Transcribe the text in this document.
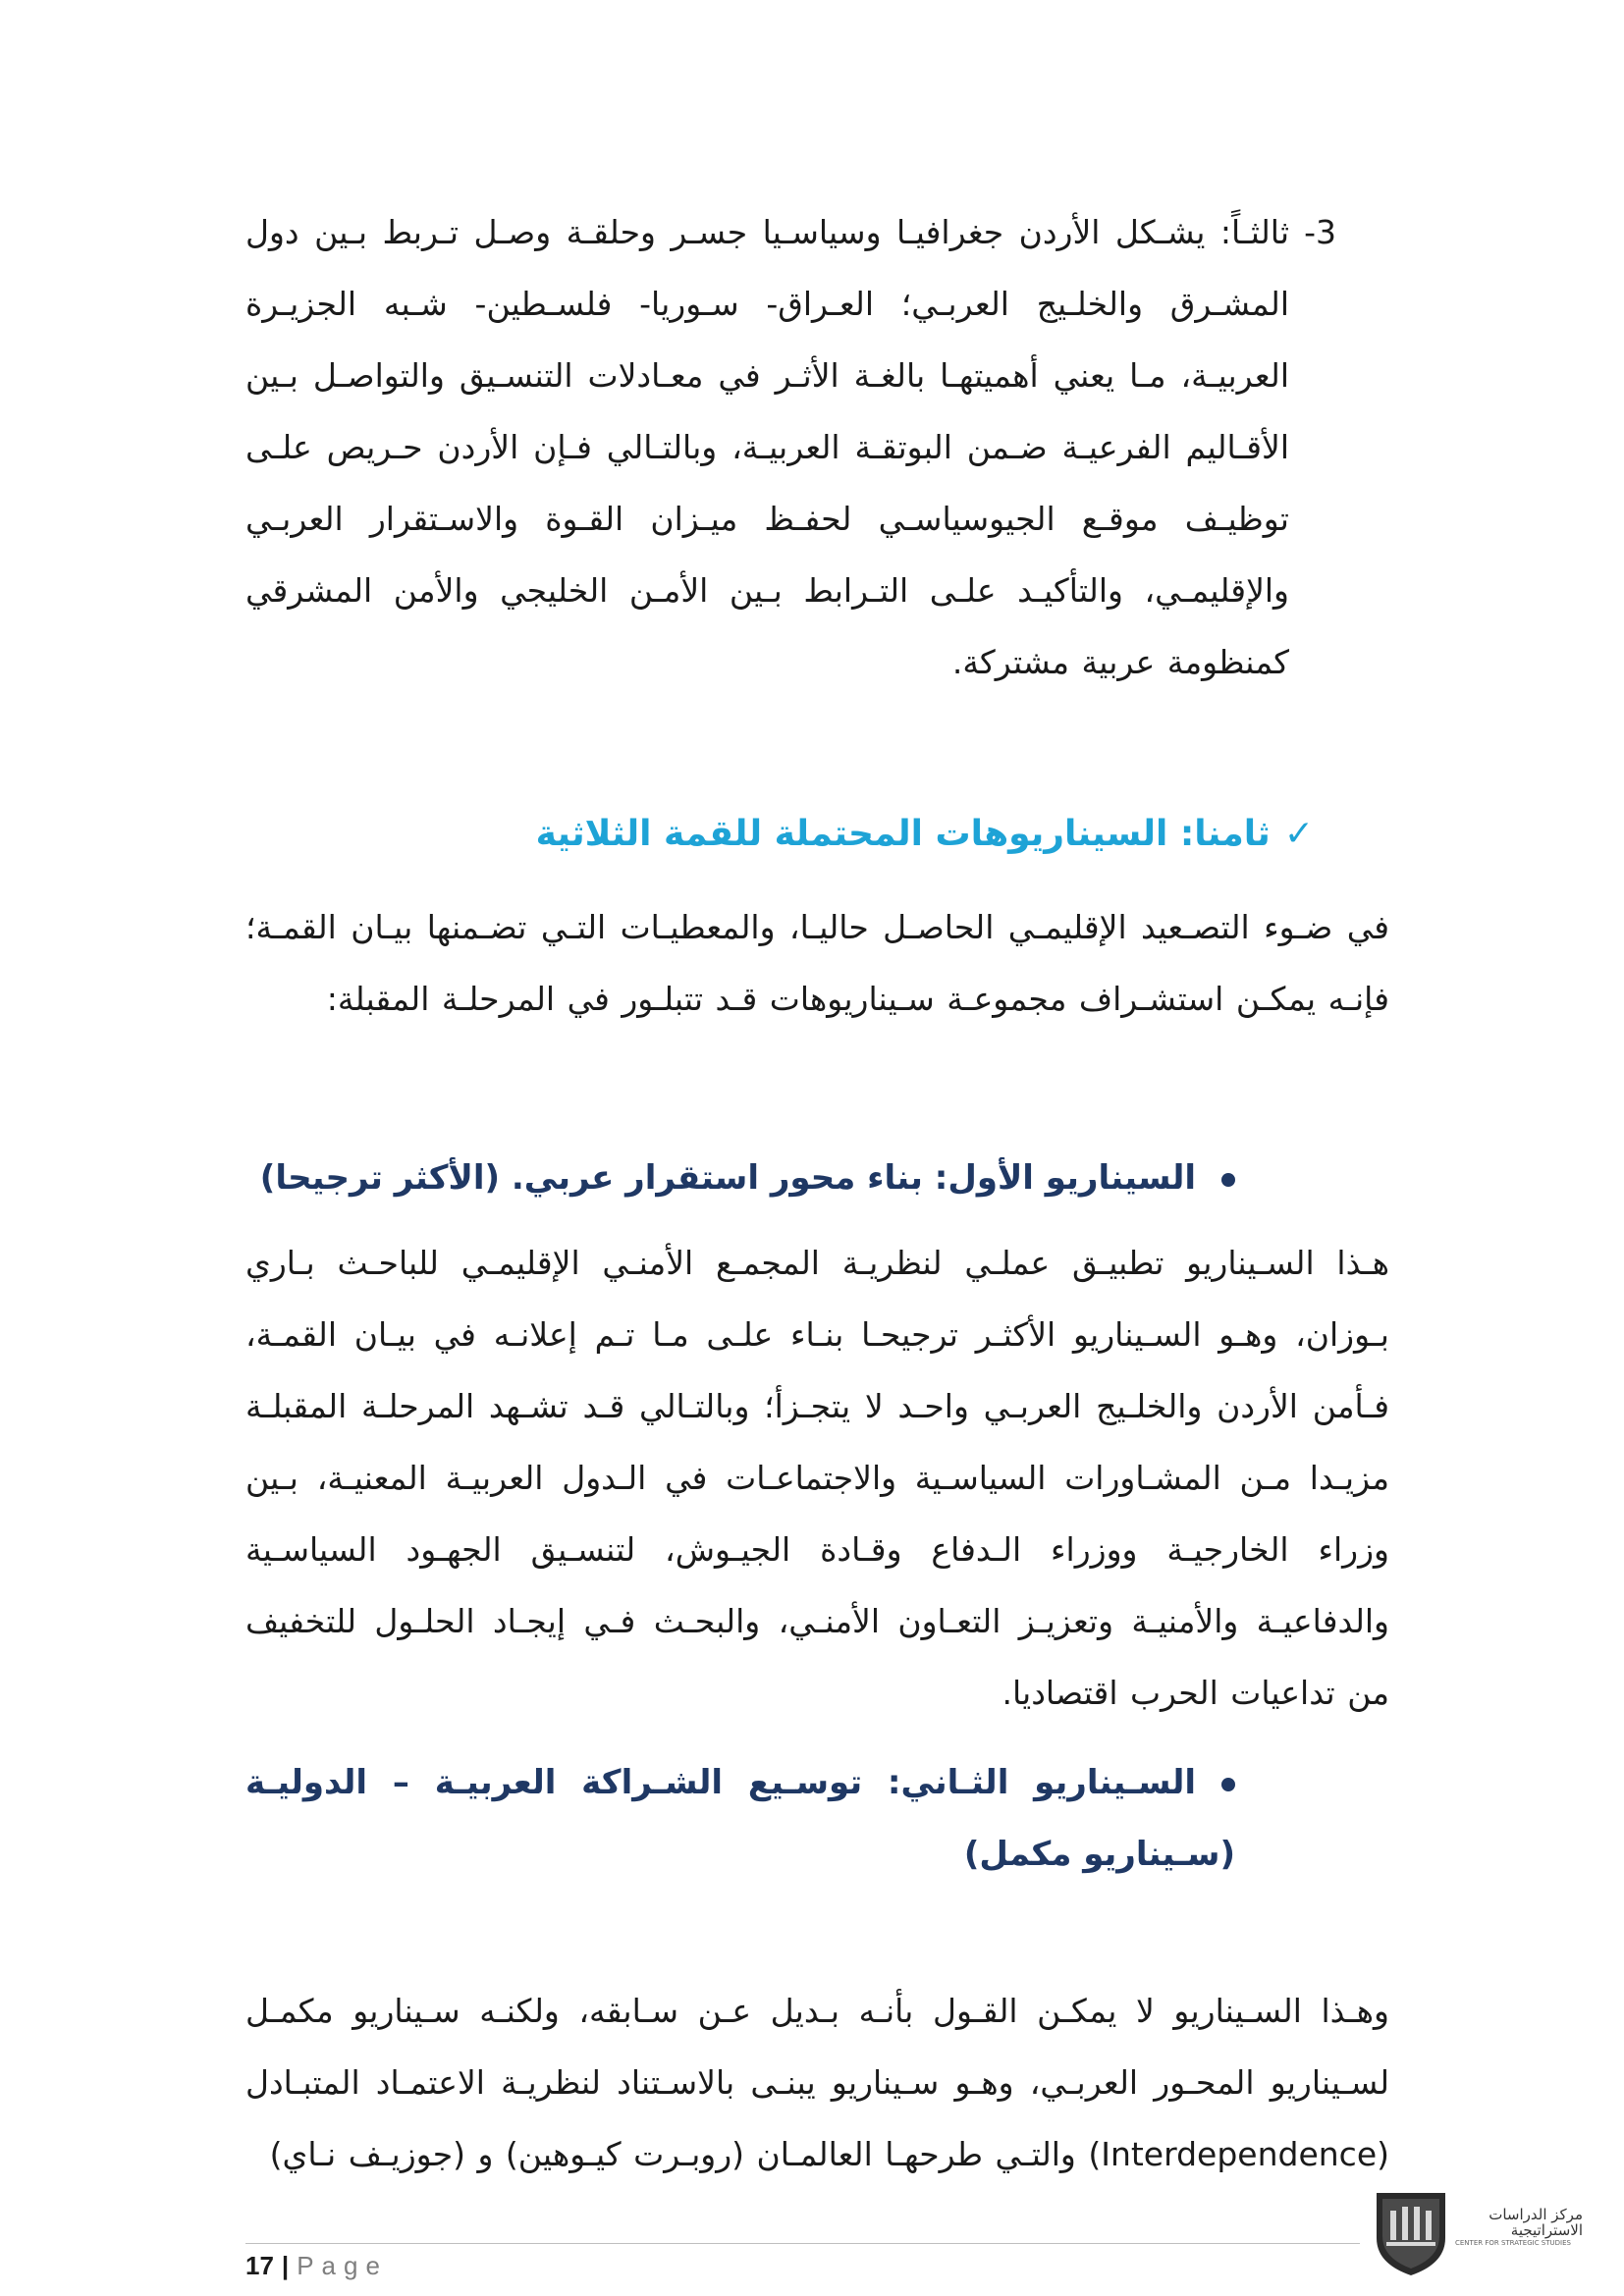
-3
ثالثـاً: يشـكل الأردن جغرافيـا وسياسـيا جسـر وحلقـة وصـل تـربط بـين دول المشـرق والخلـيج العربـي؛ العـراق- سـوريا- فلسـطين- شـبه الجزيـرة العربيـة، مـا يعني أهميتهـا بالغـة الأثـر في معـادلات التنسـيق والتواصـل بـين الأقـاليم الفرعيـة ضـمن البوتقـة العربيـة، وبالتـالي فـإن الأردن حـريص علـى توظيـف موقـع الجيوسياسـي لحفـظ ميـزان القـوة والاسـتقرار العربـي والإقليمـي، والتأكيـد علـى التـرابط بـين الأمـن الخليجي والأمن المشرقي كمنظومة عربية مشتركة.
✓ثامنا: السيناريوهات المحتملة للقمة الثلاثية
في ضـوء التصـعيد الإقليمـي الحاصـل حاليـا، والمعطيـات التـي تضـمنها بيـان القمـة؛ فإنـه يمكـن استشـراف مجموعـة سـيناريوهات قـد تتبلـور في المرحلـة المقبلة:
السيناريو الأول: بناء محور استقرار عربي. (الأكثر ترجيحا)
هـذا السـيناريو تطبيـق عملـي لنظريـة المجمـع الأمنـي الإقليمـي للباحـث بـاري بـوزان، وهـو السـيناريو الأكثـر ترجيحـا بنـاء علـى مـا تـم إعلانـه في بيـان القمـة، فـأمن الأردن والخلـيج العربـي واحـد لا يتجـزأ؛ وبالتـالي قـد تشـهد المرحلـة المقبلـة مزيـدا مـن المشـاورات السياسـية والاجتماعـات في الـدول العربيـة المعنيـة، بـين وزراء الخارجيـة ووزراء الـدفاع وقـادة الجيـوش، لتنسـيق الجهـود السياسـية والدفاعيـة والأمنيـة وتعزيـز التعـاون الأمنـي، والبحـث فـي إيجـاد الحلـول للتخفيف من تداعيات الحرب اقتصاديا.
السـيناريو الثـاني: توسـيع الشـراكة العربيـة – الدوليـة (سـيناريو مكمل)
وهـذا السـيناريو لا يمكـن القـول بأنـه بـديل عـن سـابقه، ولكنـه سـيناريو مكمـل لسـيناريو المحـور العربـي، وهـو سـيناريو يبنـى بالاسـتناد لنظريـة الاعتمـاد المتبـادل (Interdependence) والتـي طرحهـا العالمـان (روبـرت كيـوهين) و (جوزيـف نـاي)
17 | Page
مركز الدراسات الاستراتيجية
CENTER FOR STRATEGIC STUDIES
